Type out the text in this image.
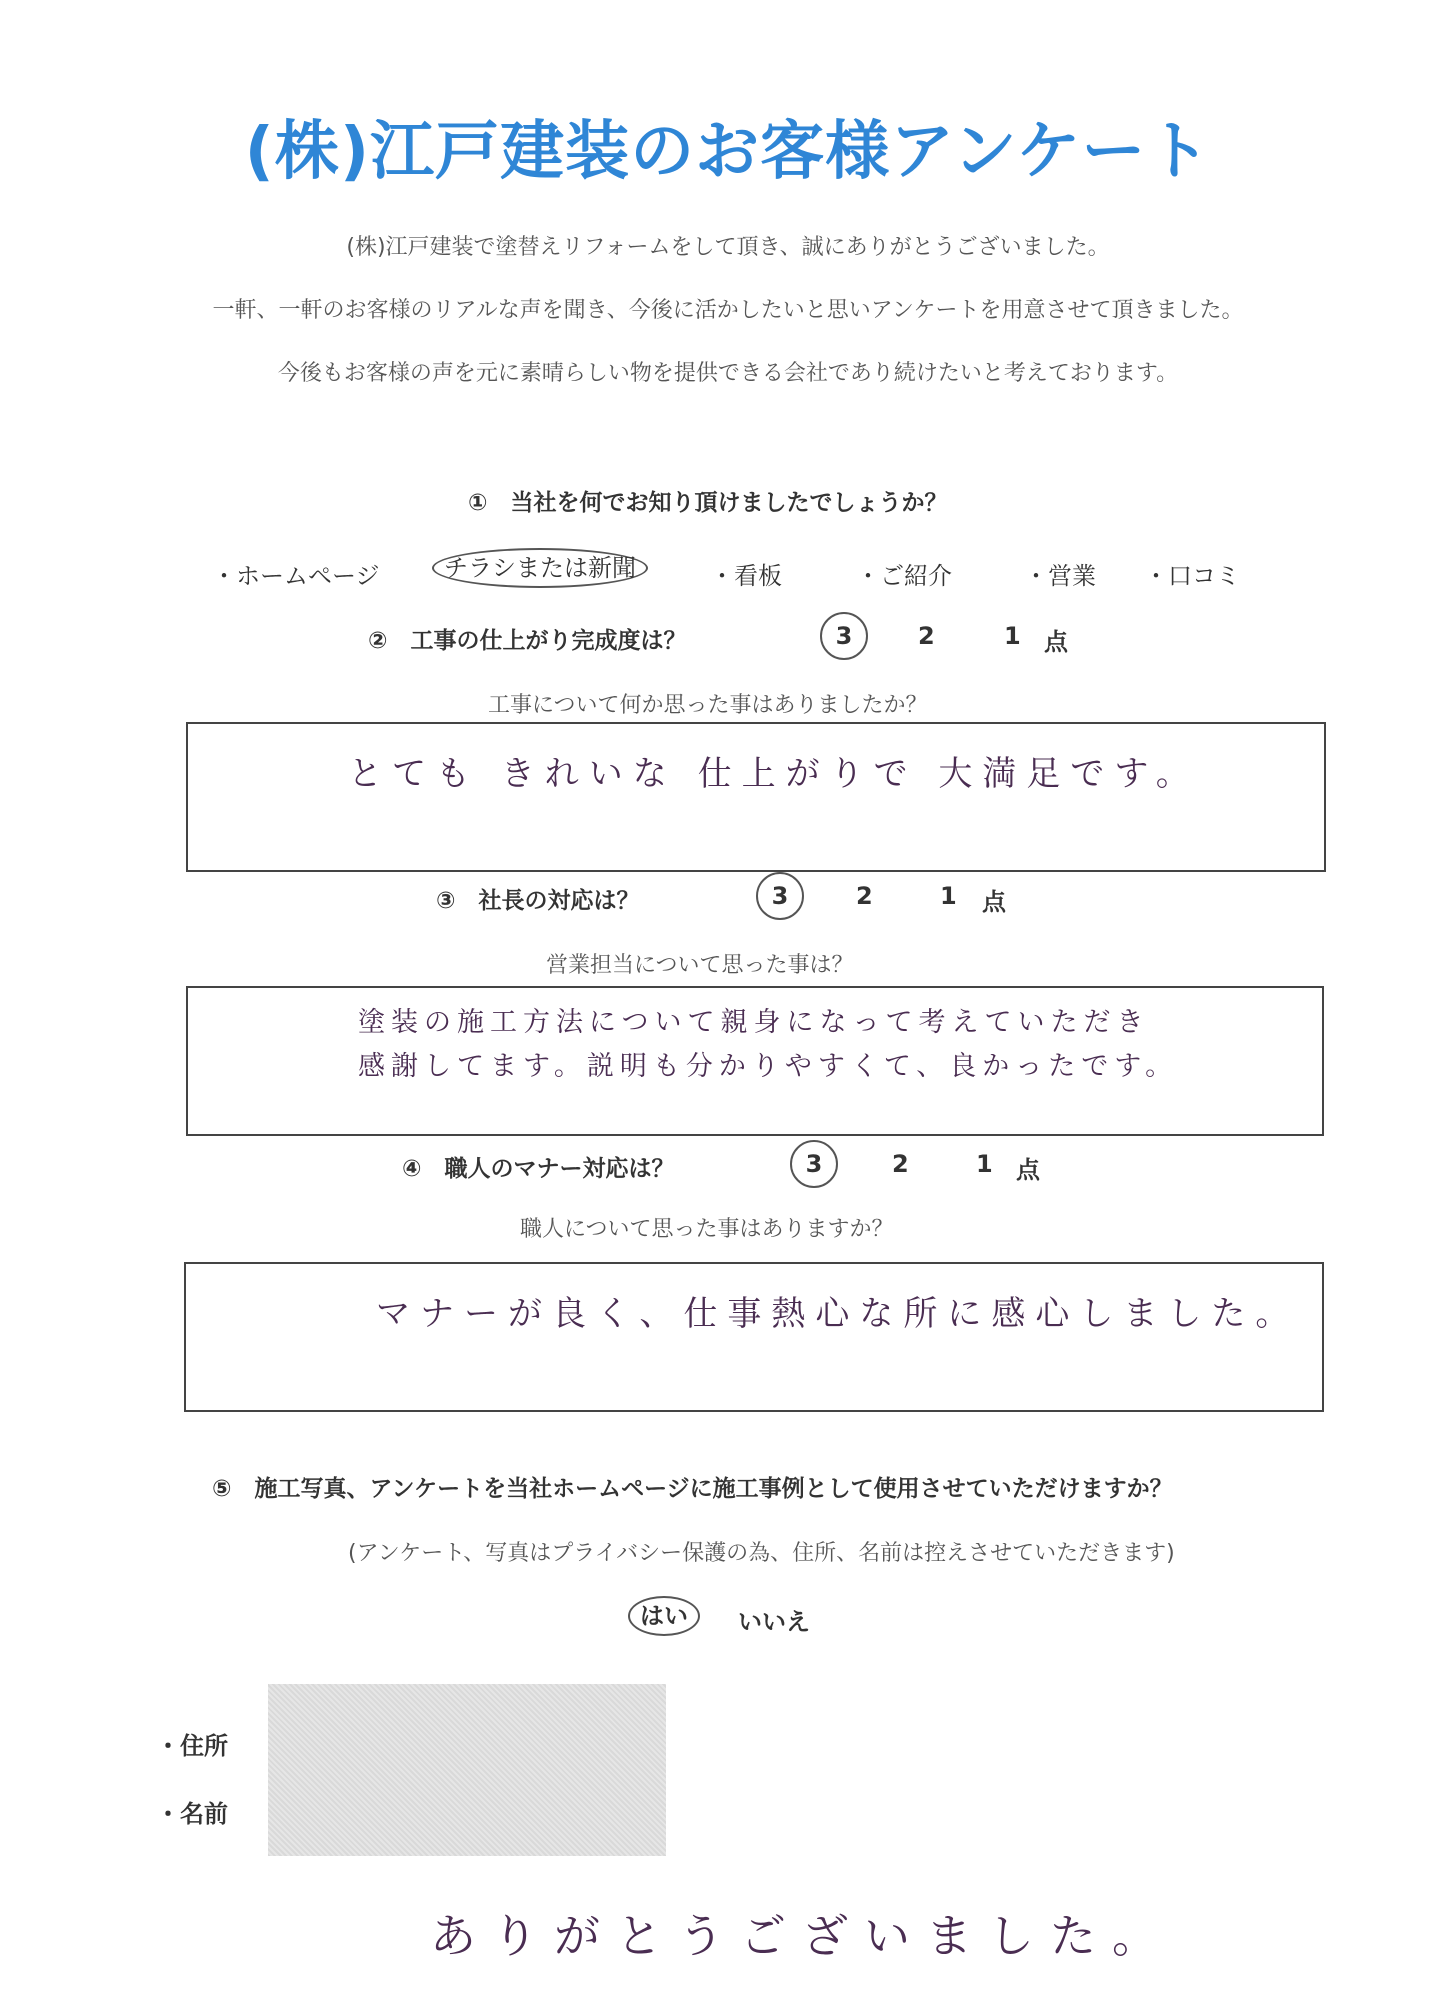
(株)江戸建装のお客様アンケート
(株)江戸建装で塗替えリフォームをして頂き、誠にありがとうございました。
一軒、一軒のお客様のリアルな声を聞き、今後に活かしたいと思いアンケートを用意させて頂きました。
今後もお客様の声を元に素晴らしい物を提供できる会社であり続けたいと考えております。
①　当社を何でお知り頂けましたでしょうか？
・ホームページ	チラシまたは新聞	・看板	・ご紹介	・営業 ・口コミ
②　工事の仕上がり完成度は？	3	2	1 点
工事について何か思った事はありましたか？
とても きれいな 仕上がりで 大満足です。
③　社長の対応は？	3	2	1 点
営業担当について思った事は？
塗装の施工方法について親身になって考えていただき
感謝してます。説明も分かりやすくて、良かったです。
④　職人のマナー対応は？	3	2	1 点
職人について思った事はありますか？
マナーが良く、仕事熱心な所に感心しました。
⑤　施工写真、アンケートを当社ホームページに施工事例として使用させていただけますか？
(アンケート、写真はプライバシー保護の為、住所、名前は控えさせていただきます)
はい	いいえ
・住所
・名前
ありがとうございました。
